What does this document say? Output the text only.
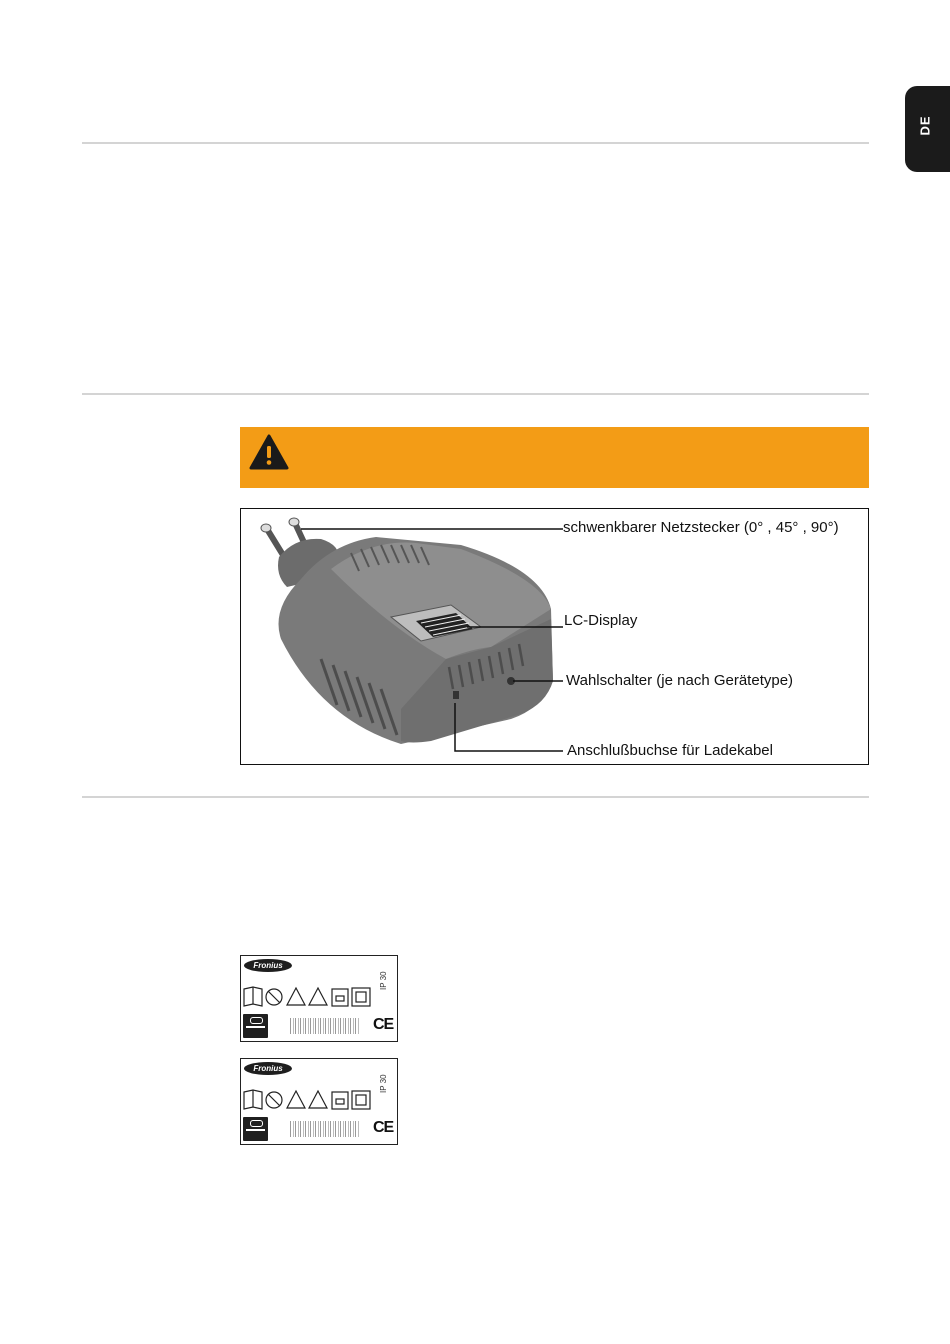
DE
schwenkbarer Netzstecker (0° , 45° , 90°)
LC-Display
Wahlschalter (je nach Gerätetype)
Anschlußbuchse für Ladekabel
Fronius
IP 30
CE
Fronius
IP 30
CE
